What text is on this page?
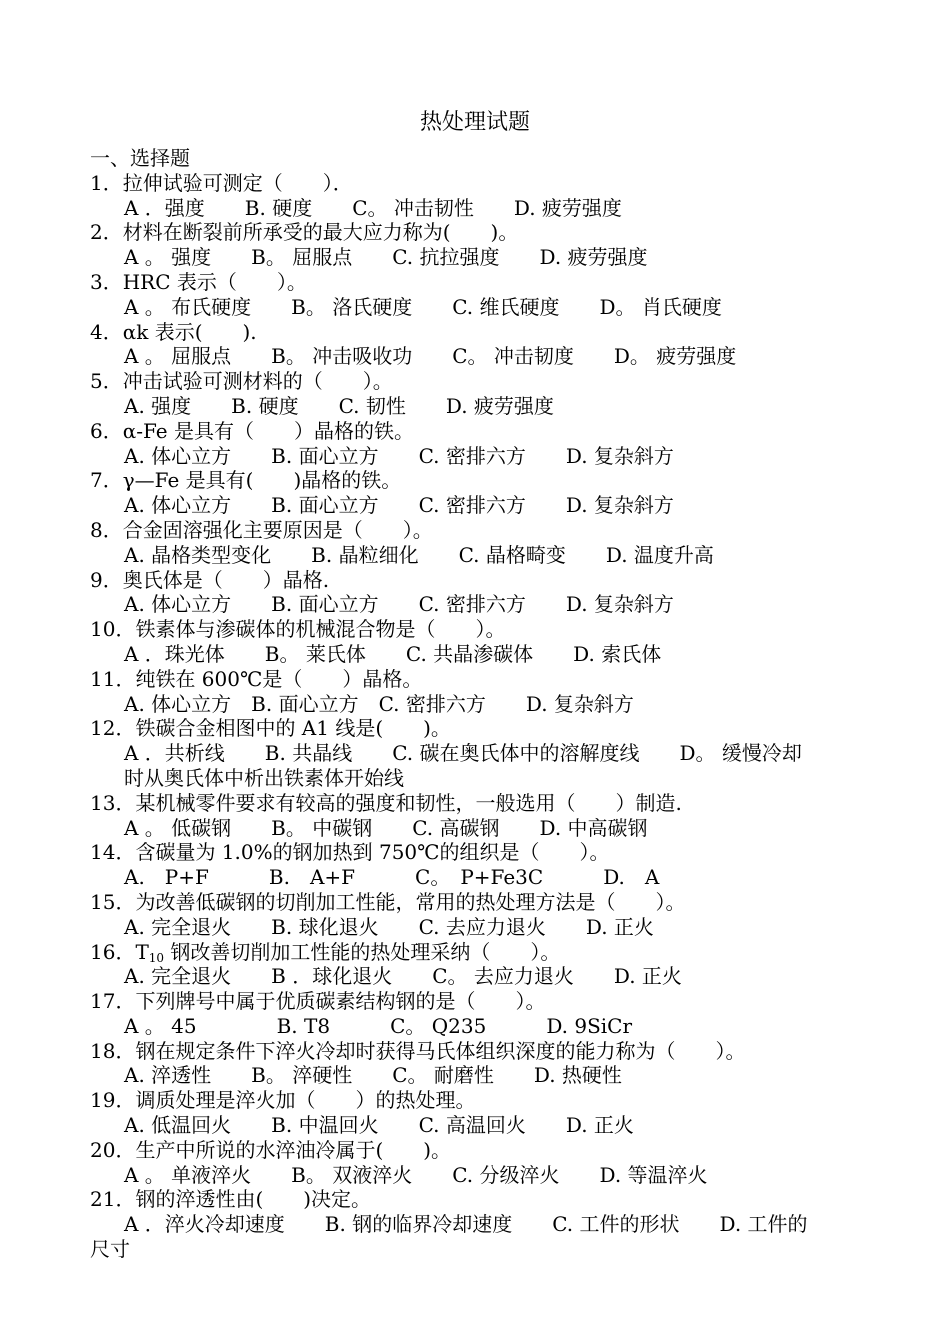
热处理试题
一、选择题
1．拉伸试验可测定（　　）．
A ．强度　　B. 硬度　　C。 冲击韧性　　D. 疲劳强度
2．材料在断裂前所承受的最大应力称为(　　)。
A 。 强度　　B。 屈服点　　C. 抗拉强度　　D. 疲劳强度
3．HRC 表示（　　）。
A 。 布氏硬度　　B。 洛氏硬度　　C. 维氏硬度　　D。 肖氏硬度
4．αk 表示(　　).
A 。 屈服点　　B。 冲击吸收功　　C。 冲击韧度　　D。 疲劳强度
5．冲击试验可测材料的（　　）。
A. 强度　　B. 硬度　　C. 韧性　　D. 疲劳强度
6．α-Fe 是具有（　　）晶格的铁。
A. 体心立方　　B. 面心立方　　C. 密排六方　　D. 复杂斜方
7．γ—Fe 是具有(　　)晶格的铁。
A. 体心立方　　B. 面心立方　　C. 密排六方　　D. 复杂斜方
8．合金固溶强化主要原因是（　　）。
A. 晶格类型变化　　B. 晶粒细化　　C. 晶格畸变　　D. 温度升高
9．奥氏体是（　　）晶格.
A. 体心立方　　B. 面心立方　　C. 密排六方　　D. 复杂斜方
10．铁素体与渗碳体的机械混合物是（　　）。
A ．珠光体　　B。 莱氏体　　C. 共晶渗碳体　　D. 索氏体
11．纯铁在 600℃是（　　）晶格。
A. 体心立方　B. 面心立方　C. 密排六方　　D. 复杂斜方
12．铁碳合金相图中的 A1 线是(　　)。
A ．共析线　　B. 共晶线　　C. 碳在奥氏体中的溶解度线　　D。 缓慢冷却
时从奥氏体中析出铁素体开始线
13．某机械零件要求有较高的强度和韧性，一般选用（　　）制造.
A 。 低碳钢　　B。 中碳钢　　C. 高碳钢　　D. 中高碳钢
14．含碳量为 1.0%的钢加热到 750℃的组织是（　　）。
A.　P+F　　　B.　A+F　　　C。　P+Fe3C　　　D.　A
15．为改善低碳钢的切削加工性能，常用的热处理方法是（　　）。
A. 完全退火　　B. 球化退火　　C. 去应力退火　　D. 正火
16．$T_{10}$ 钢改善切削加工性能的热处理采纳（　　）。
A. 完全退火　　B ．球化退火　　C。 去应力退火　　D. 正火
17．下列牌号中属于优质碳素结构钢的是（　　）。
A 。 45　　　　B. T8　　　C。 Q235　　　D. 9SiCr
18．钢在规定条件下淬火冷却时获得马氏体组织深度的能力称为（　　）。
A. 淬透性　　B。 淬硬性　　C。 耐磨性　　D. 热硬性
19．调质处理是淬火加（　　）的热处理。
A. 低温回火　　B. 中温回火　　C. 高温回火　　D. 正火
20．生产中所说的水淬油冷属于(　　)。
A 。 单液淬火　　B。 双液淬火　　C. 分级淬火　　D. 等温淬火
21．钢的淬透性由(　　)决定。
A ．淬火冷却速度　　B. 钢的临界冷却速度　　C. 工件的形状　　D. 工件的
尺寸
